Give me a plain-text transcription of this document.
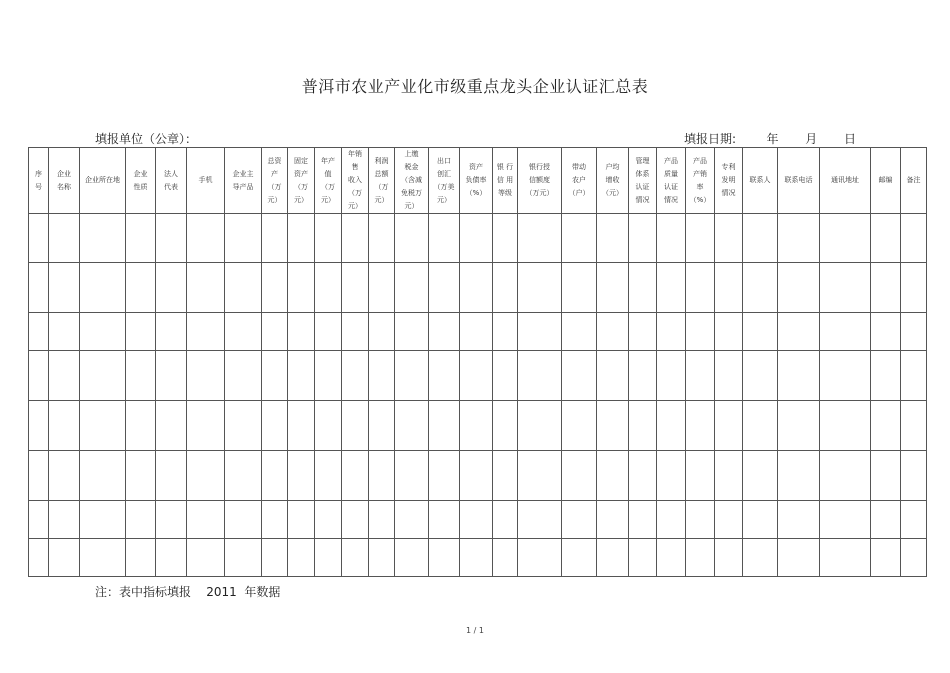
普洱市农业产业化市级重点龙头企业认证汇总表
填报单位（公章）：	填报日期:        年       月       日
序
号	企业
名称	企业所在地	企业
性质	法人
代表	手机	企业主
导产品	总资
产
（万
元）	固定
资产
（万
元）	年产
值
（万
元）	年销
售
收入
（万
元）	利润
总额
（万
元）	上缴
税金
（含减
免税万
元）	出口
创汇
（万美
元）	资产
负债率
（%）	银 行
信 用
等级	银行授
信额度
（万元）	带动
农户
（户）	户均
增收
（元）	管理
体系
认证
情况	产品
质量
认证
情况	产品
产销
率
（%）	专利
发明
情况	联系人	联系电话	通讯地址	邮编	备注

注：表中指标填报    2011  年数据
1 / 1
